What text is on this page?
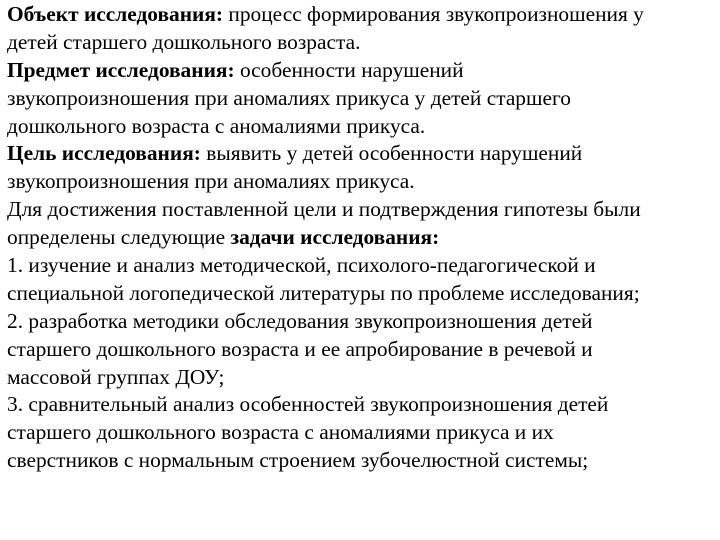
Объект исследования: процесс формирования звукопроизношения у
детей старшего дошкольного возраста.
Предмет исследования: особенности нарушений
звукопроизношения при аномалиях прикуса у детей старшего
дошкольного возраста с аномалиями прикуса.
Цель исследования: выявить у детей особенности нарушений
звукопроизношения при аномалиях прикуса.
Для достижения поставленной цели и подтверждения гипотезы были
определены следующие задачи исследования:
1. изучение и анализ методической, психолого-педагогической и
специальной логопедической литературы по проблеме исследования;
2. разработка методики обследования звукопроизношения детей
старшего дошкольного возраста и ее апробирование в речевой и
массовой группах ДОУ;
3. сравнительный анализ особенностей звукопроизношения детей
старшего дошкольного возраста с аномалиями прикуса и их
сверстников с нормальным строением зубочелюстной системы;
